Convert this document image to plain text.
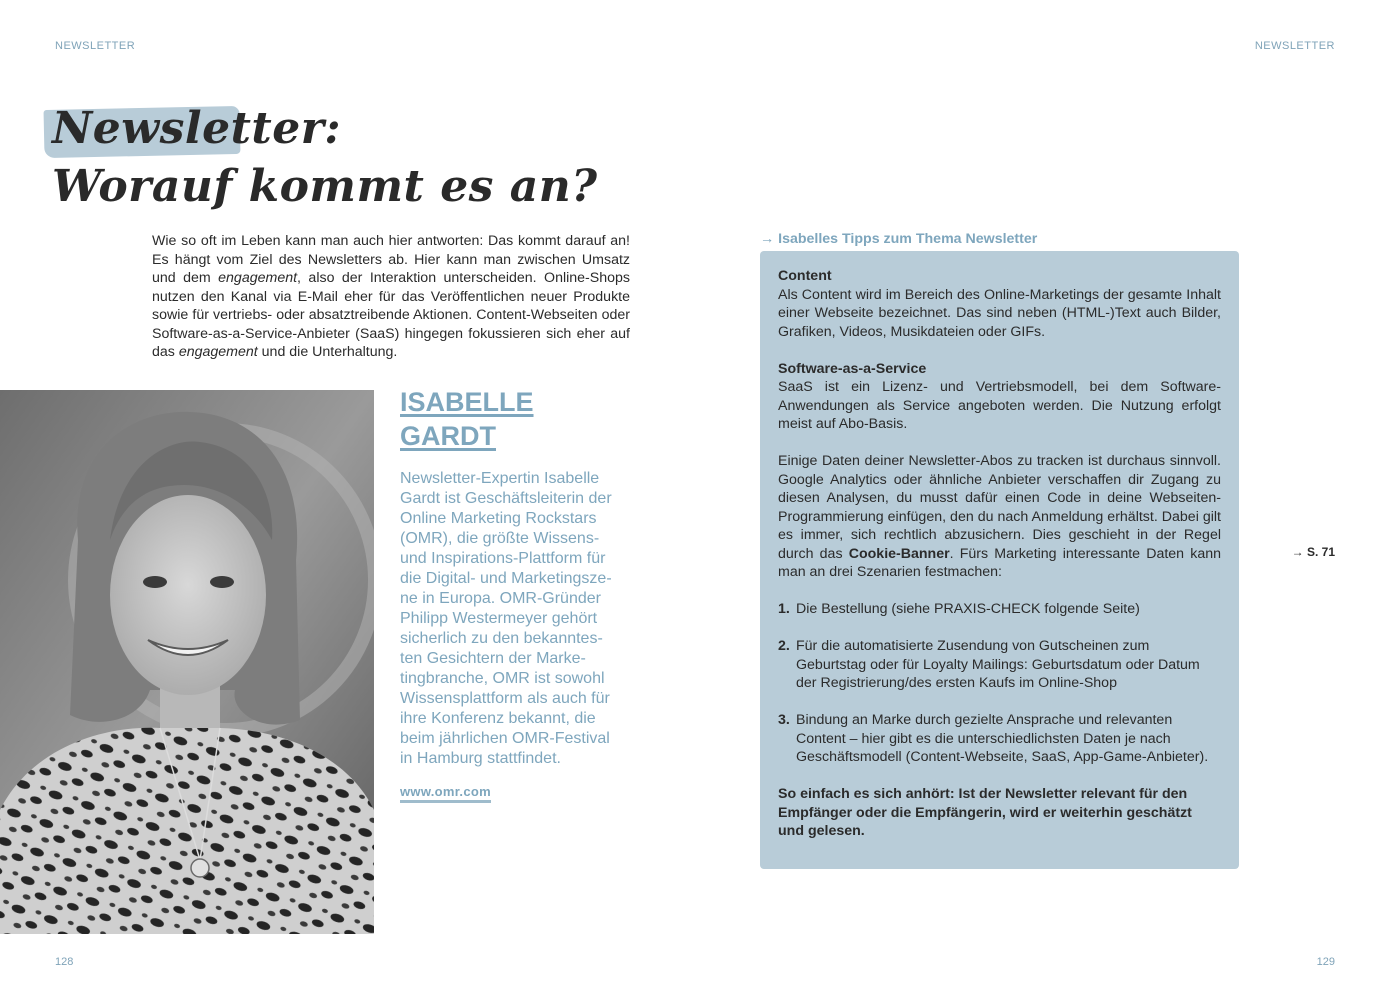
NEWSLETTER	NEWSLETTER
Newsletter:
Worauf kommt es an?

Wie so oft im Leben kann man auch hier antworten: Das kommt darauf an! Es hängt vom Ziel des Newsletters ab. Hier kann man zwischen Umsatz und dem engagement, also der Interaktion unterscheiden. Online-Shops nutzen den Kanal via E-Mail eher für das Veröffentlichen neuer Produkte sowie für vertriebs- oder absatztreibende Aktionen. Content-Webseiten oder Software-as-a-Service-Anbieter (SaaS) hingegen fokussieren sich eher auf das engagement und die Unterhaltung.

ISABELLE
GARDT
Newsletter-Expertin Isabelle
Gardt ist Geschäftsleiterin der
Online Marketing Rockstars
(OMR), die größte Wissens-
und Inspirations-Plattform für
die Digital- und Marketingsze-
ne in Europa. OMR-Gründer
Philipp Westermeyer gehört
sicherlich zu den bekanntes-
ten Gesichtern der Marke-
tingbranche, OMR ist sowohl
Wissensplattform als auch für
ihre Konferenz bekannt, die
beim jährlichen OMR-Festival
in Hamburg stattfindet.
www.omr.com
→ Isabelles Tipps zum Thema Newsletter

Content

Als Content wird im Bereich des Online-Marketings der gesamte Inhalt einer Webseite bezeichnet. Das sind neben (HTML-)Text auch Bilder, Grafiken, Videos, Musikdateien oder GIFs.

Software-as-a-Service

SaaS ist ein Lizenz- und Vertriebsmodell, bei dem Software-Anwendungen als Service angeboten werden. Die Nutzung erfolgt meist auf Abo-Basis.

Einige Daten deiner Newsletter-Abos zu tracken ist durchaus sinnvoll. Google Analytics oder ähnliche Anbieter verschaffen dir Zugang zu diesen Analysen, du musst dafür einen Code in deine Webseiten-Programmierung einfügen, den du nach Anmeldung erhältst. Dabei gilt es immer, sich rechtlich abzusichern. Dies geschieht in der Regel durch das Cookie-Banner. Fürs Marketing interessante Daten kann man an drei Szenarien festmachen:

1. Die Bestellung (siehe PRAXIS-CHECK folgende Seite)
2. Für die automatisierte Zusendung von Gutscheinen zum Geburtstag oder für Loyalty Mailings: Geburtsdatum oder Datum der Registrierung/des ersten Kaufs im Online-Shop
3. Bindung an Marke durch gezielte Ansprache und relevanten Content – hier gibt es die unterschiedlichsten Daten je nach Geschäftsmodell (Content-Webseite, SaaS, App-Game-Anbieter).

So einfach es sich anhört: Ist der Newsletter relevant für den Empfänger oder die Empfängerin, wird er weiterhin geschätzt und gelesen.

→ S. 71
128	129
